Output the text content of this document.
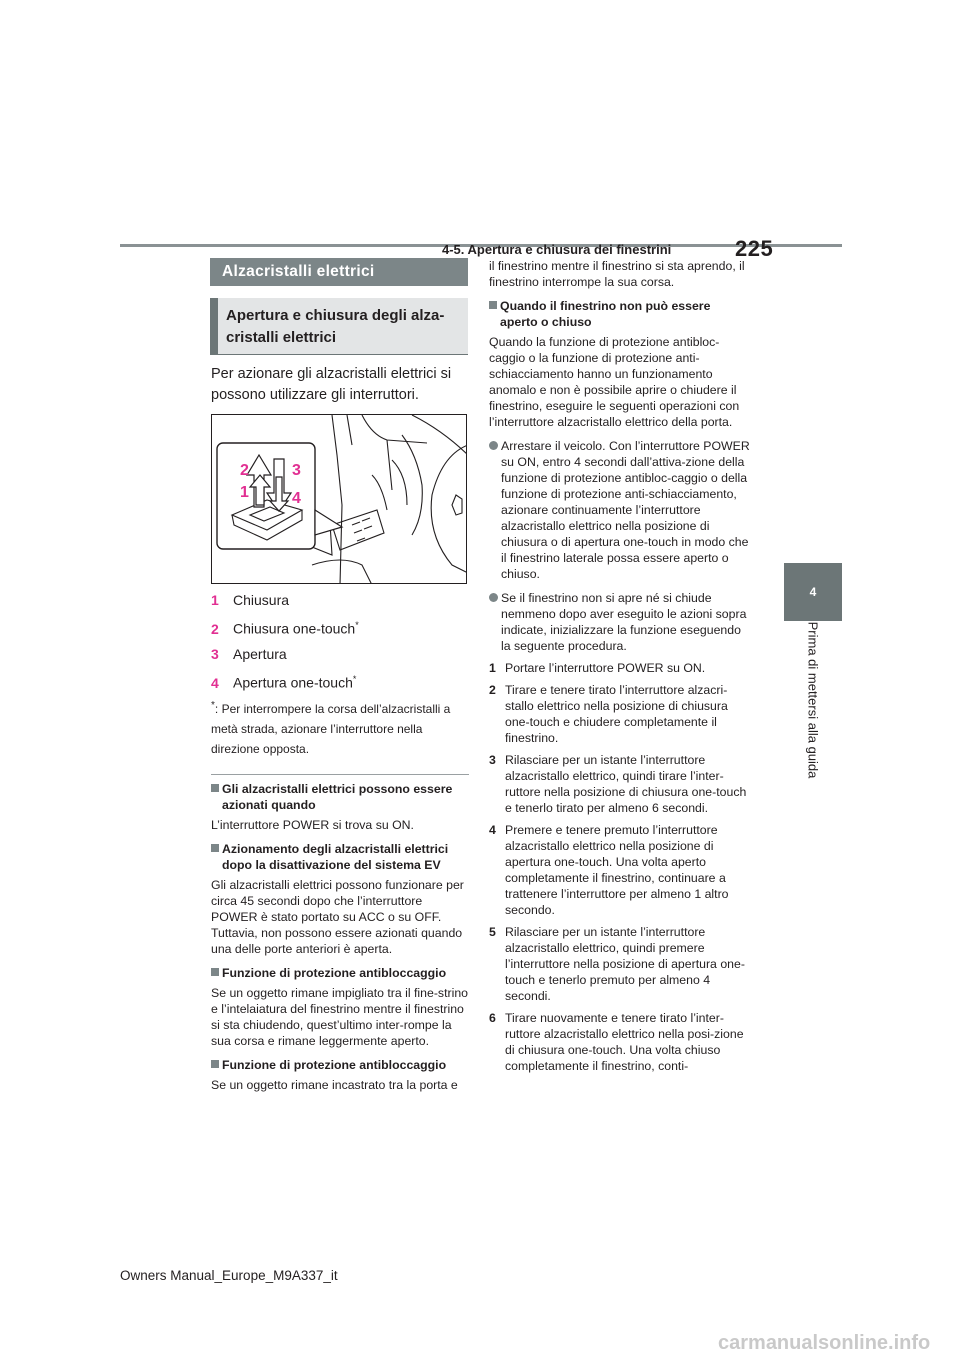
4-5. Apertura e chiusura dei finestrini	225
4
Prima di mettersi alla guida
Alzacristalli elettrici
Apertura e chiusura degli alza-cristalli elettrici
Per azionare gli alzacristalli elettrici si possono utilizzare gli interruttori.
2
1
3
4
1 Chiusura
2 Chiusura one-touch*
3 Apertura
4 Apertura one-touch*
*: Per interrompere la corsa dell’alzacristalli a metà strada, azionare l’interruttore nella direzione opposta.
Gli alzacristalli elettrici possono essere azionati quando
L’interruttore POWER si trova su ON.
Azionamento degli alzacristalli elettrici dopo la disattivazione del sistema EV
Gli alzacristalli elettrici possono funzionare per circa 45 secondi dopo che l’interruttore POWER è stato portato su ACC o su OFF. Tuttavia, non possono essere azionati quando una delle porte anteriori è aperta.
Funzione di protezione antibloccaggio
Se un oggetto rimane impigliato tra il fine-strino e l’intelaiatura del finestrino mentre il finestrino si sta chiudendo, quest’ultimo inter-rompe la sua corsa e rimane leggermente aperto.
Funzione di protezione antibloccaggio
Se un oggetto rimane incastrato tra la porta e
il finestrino mentre il finestrino si sta aprendo, il finestrino interrompe la sua corsa.
Quando il finestrino non può essere aperto o chiuso
Quando la funzione di protezione antibloc-caggio o la funzione di protezione anti-schiacciamento hanno un funzionamento anomalo e non è possibile aprire o chiudere il finestrino, eseguire le seguenti operazioni con l’interruttore alzacristallo elettrico della porta.
Arrestare il veicolo. Con l’interruttore POWER su ON, entro 4 secondi dall’attiva-zione della funzione di protezione antibloc-caggio o della funzione di protezione anti-schiacciamento, azionare continuamente l’interruttore alzacristallo elettrico nella posizione di chiusura o di apertura one-touch in modo che il finestrino laterale possa essere aperto o chiuso.
Se il finestrino non si apre né si chiude nemmeno dopo aver eseguito le azioni sopra indicate, inizializzare la funzione eseguendo la seguente procedura.
1 Portare l’interruttore POWER su ON.
2 Tirare e tenere tirato l’interruttore alzacri-stallo elettrico nella posizione di chiusura one-touch e chiudere completamente il finestrino.
3 Rilasciare per un istante l’interruttore alzacristallo elettrico, quindi tirare l’inter-ruttore nella posizione di chiusura one-touch e tenerlo tirato per almeno 6 secondi.
4 Premere e tenere premuto l’interruttore alzacristallo elettrico nella posizione di apertura one-touch. Una volta aperto completamente il finestrino, continuare a trattenere l’interruttore per almeno 1 altro secondo.
5 Rilasciare per un istante l’interruttore alzacristallo elettrico, quindi premere l’interruttore nella posizione di apertura one-touch e tenerlo premuto per almeno 4 secondi.
6 Tirare nuovamente e tenere tirato l’inter-ruttore alzacristallo elettrico nella posi-zione di chiusura one-touch. Una volta chiuso completamente il finestrino, conti-
Owners Manual_Europe_M9A337_it
carmanualsonline.info
